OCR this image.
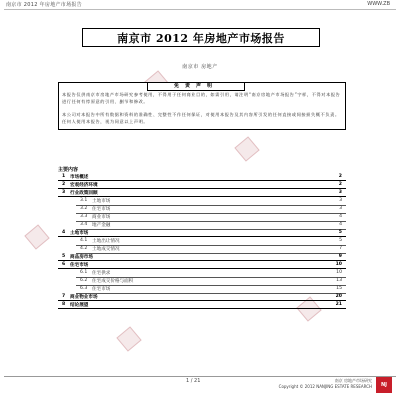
南京市 2012 年房地产市场报告	WWW.ZB
南京市 2012 年房地产市场报告
南京市 房地产
免责声明
本报告仅供南京市房地产市场研究参考使用，不得用于任何商业目的，如需引用，请注明“南京房地产市场报告”字样，不得对本报告进行任何有悖原意的引用、删节和修改。
本公司对本报告中所有数据和资料的准确性、完整性不作任何保证，对使用本报告及其内容所引发的任何直接或间接损失概不负责。任何人使用本报告，视为同意以上声明。
主要内容
1 市场概述	2
2 宏观经济环境	2
3 行业政策回顾	3
3.1 土地市场	3
3.2 住宅市场	3
3.3 商业市场	4
3.4 地产金融	4
4 土地市场	5
4.1 土地出让情况	5
4.2 土地成交情况	7
5 商品房市场	9
6 住宅市场	10
6.1 住宅供求	10
6.2 住宅成交价格与面积	13
6.3 住宅市场	15
7 商业物业市场	20
8 结论展望	21
1 / 21	南京 房地产市场研究
Copyright © 2012 NANJING ESTATE RESEARCH	NJ
